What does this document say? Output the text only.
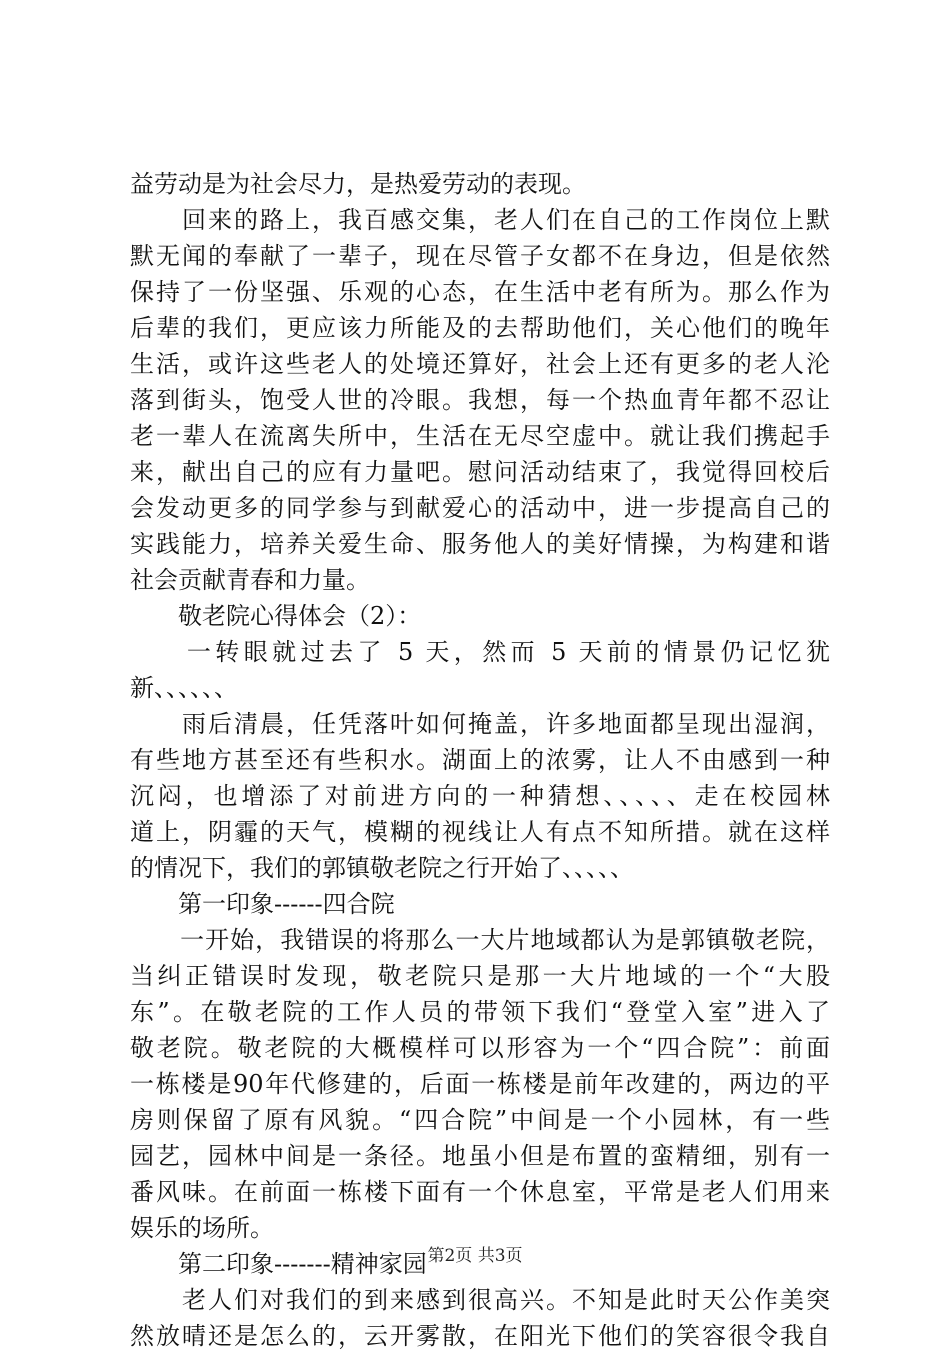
益劳动是为社会尽力，是热爱劳动的表现。
　　回来的路上，我百感交集，老人们在自己的工作岗位上默
默无闻的奉献了一辈子，现在尽管子女都不在身边，但是依然
保持了一份坚强、乐观的心态，在生活中老有所为。那么作为
后辈的我们，更应该力所能及的去帮助他们，关心他们的晚年
生活，或许这些老人的处境还算好，社会上还有更多的老人沦
落到街头，饱受人世的冷眼。我想，每一个热血青年都不忍让
老一辈人在流离失所中，生活在无尽空虚中。就让我们携起手
来，献出自己的应有力量吧。慰问活动结束了，我觉得回校后
会发动更多的同学参与到献爱心的活动中，进一步提高自己的
实践能力，培养关爱生命、服务他人的美好情操，为构建和谐
社会贡献青春和力量。
　　敬老院心得体会（2）：
　　一转眼就过去了 5 天，然而 5 天前的情景仍记忆犹
新、、、、、、
　　雨后清晨，任凭落叶如何掩盖，许多地面都呈现出湿润，
有些地方甚至还有些积水。湖面上的浓雾，让人不由感到一种
沉闷，也增添了对前进方向的一种猜想、、、、、走在校园林
道上，阴霾的天气，模糊的视线让人有点不知所措。就在这样
的情况下，我们的郭镇敬老院之行开始了、、、、、
　　第一印象------四合院
　　一开始，我错误的将那么一大片地域都认为是郭镇敬老院，
当纠正错误时发现，敬老院只是那一大片地域的一个“大股
东”。在敬老院的工作人员的带领下我们“登堂入室”进入了
敬老院。敬老院的大概模样可以形容为一个“四合院”：前面
一栋楼是90年代修建的，后面一栋楼是前年改建的，两边的平
房则保留了原有风貌。“四合院”中间是一个小园林，有一些
园艺，园林中间是一条径。地虽小但是布置的蛮精细，别有一
番风味。在前面一栋楼下面有一个休息室，平常是老人们用来
娱乐的场所。
　　第二印象-------精神家园
　　老人们对我们的到来感到很高兴。不知是此时天公作美突
然放晴还是怎么的，云开雾散，在阳光下他们的笑容很令我自
第2页 共3页
